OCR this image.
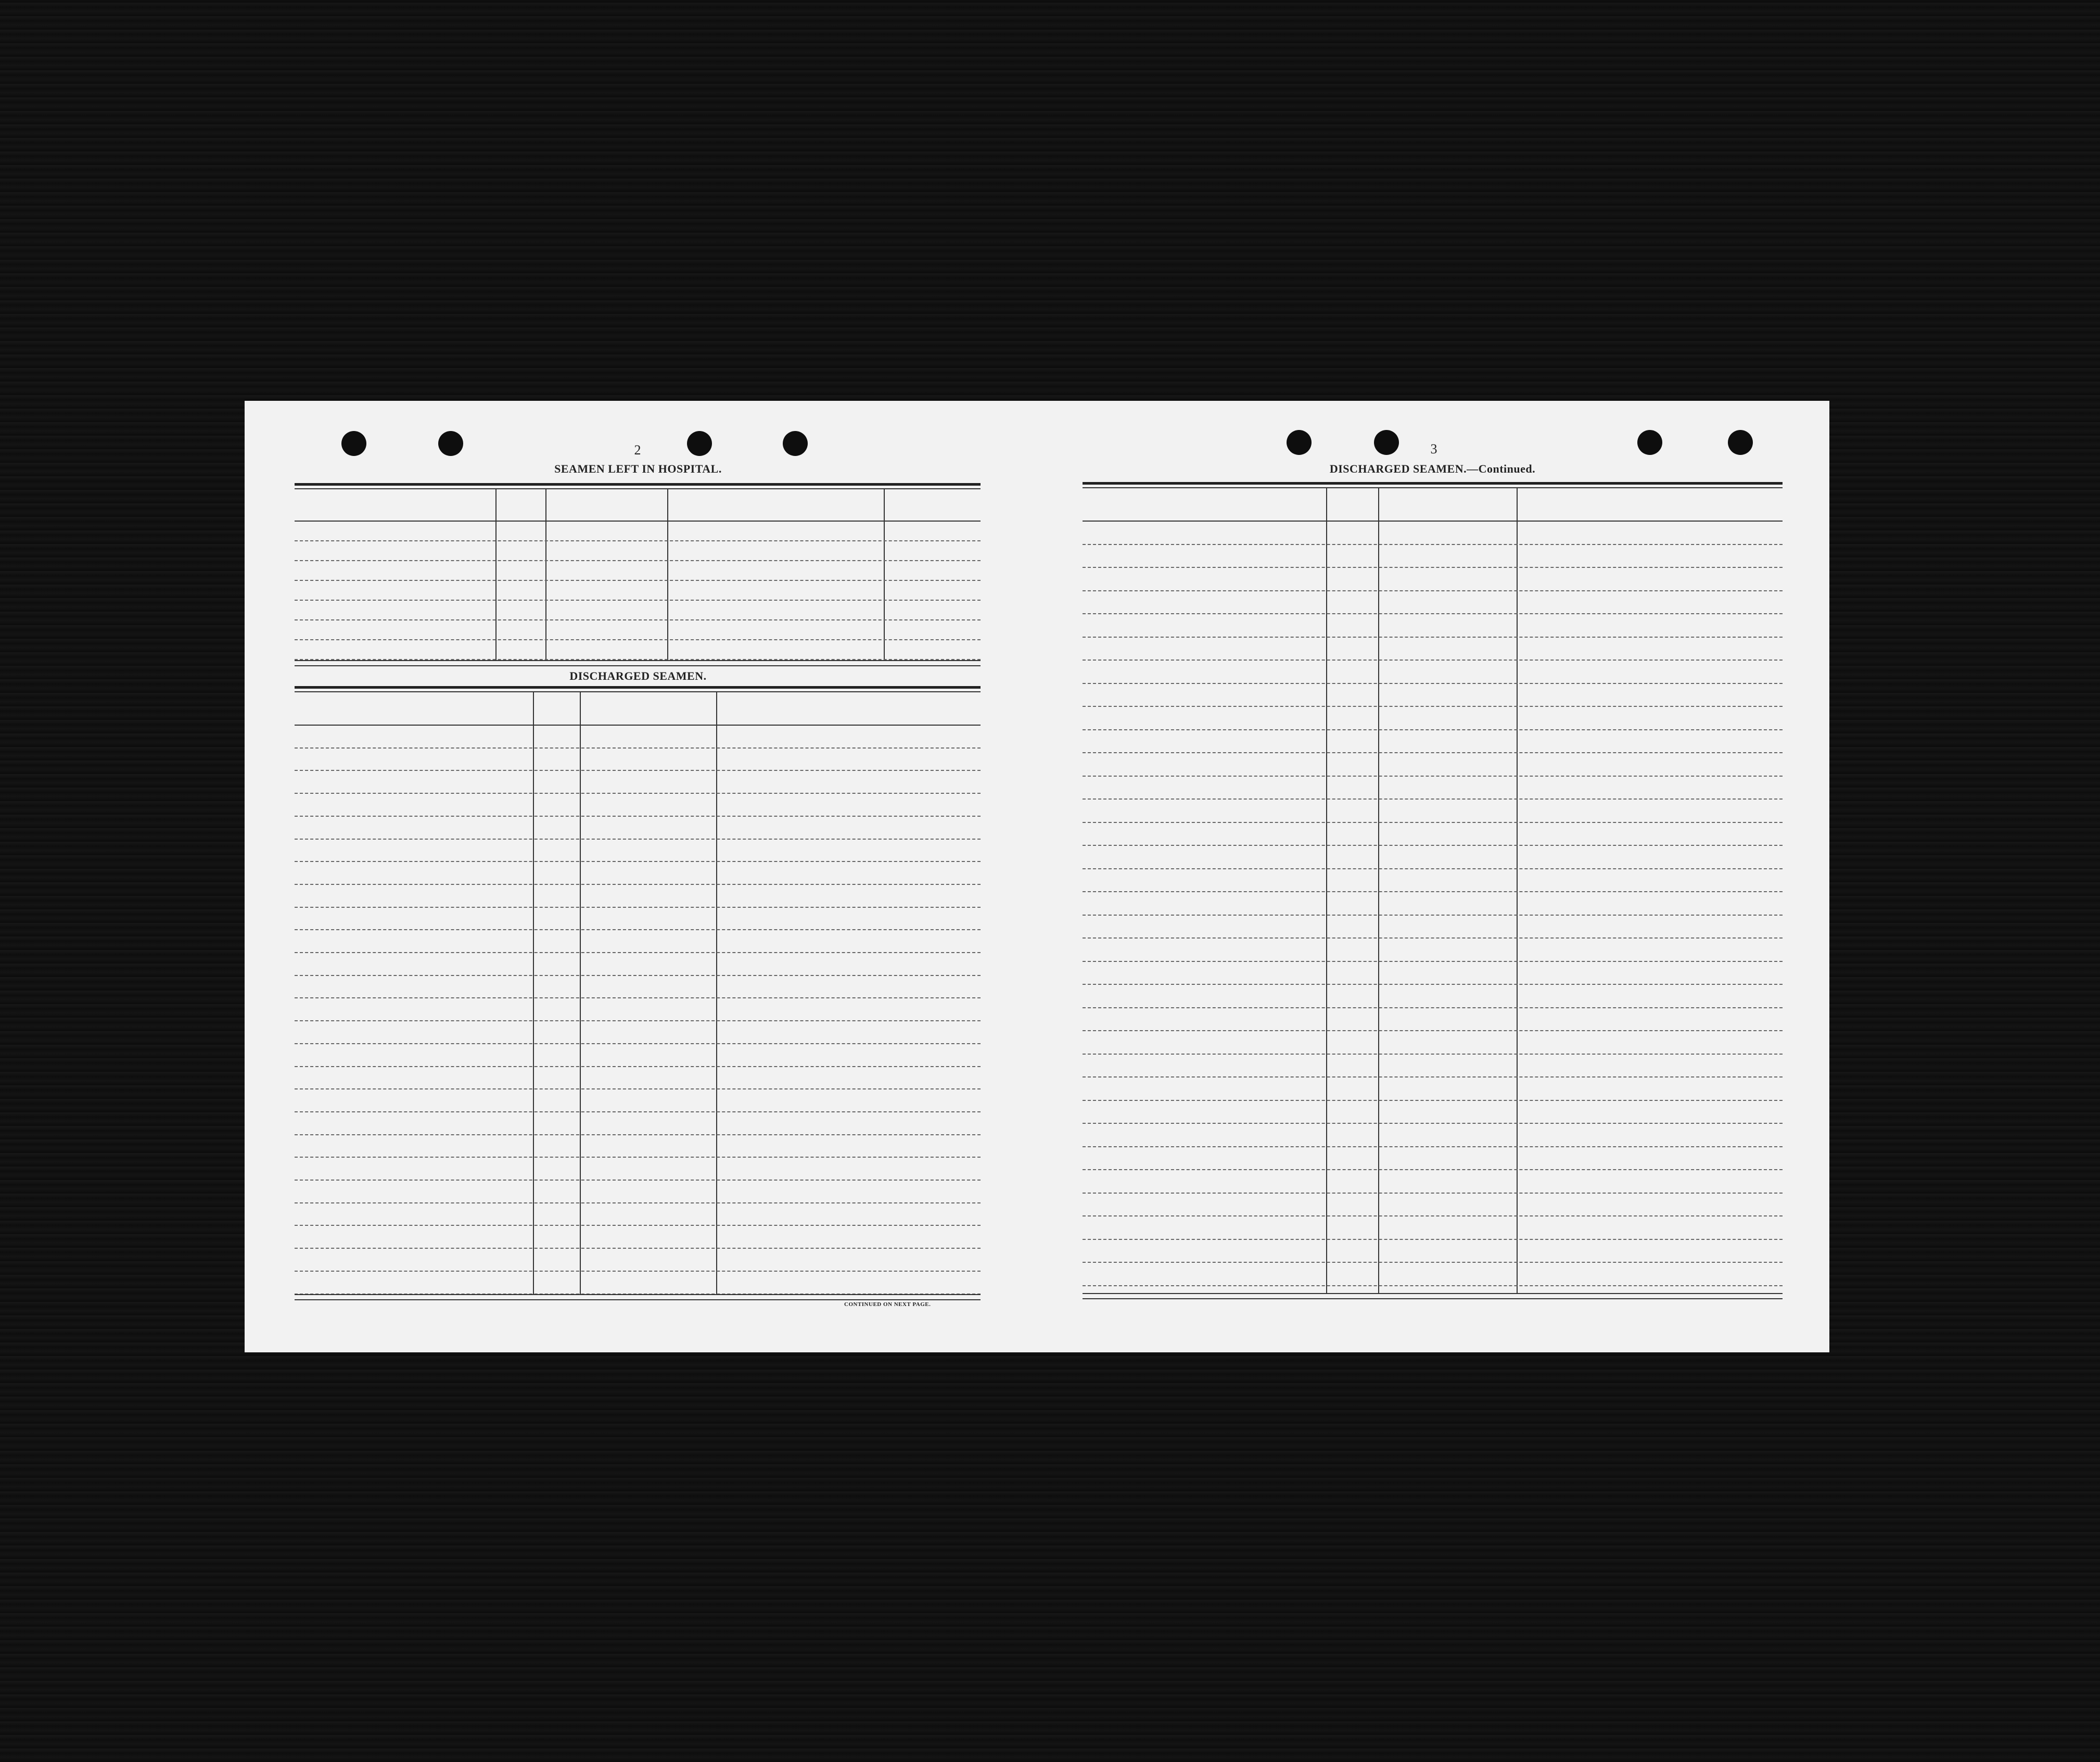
2
SEAMEN LEFT IN HOSPITAL.
DISCHARGED SEAMEN.
CONTINUED ON NEXT PAGE.
3
DISCHARGED SEAMEN.—Continued.
